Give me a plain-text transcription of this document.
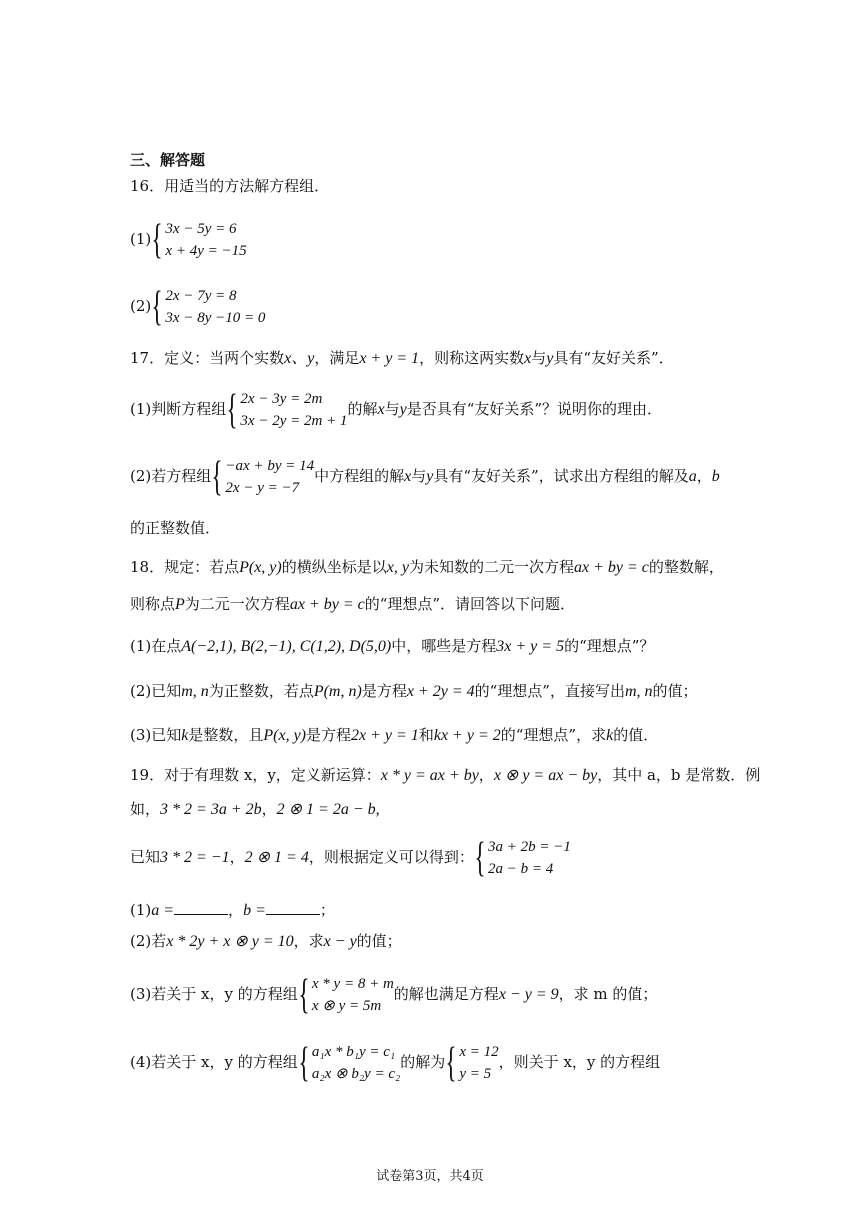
三、解答题
16．用适当的方法解方程组．
(1) { 3x − 5y = 6
x + 4y = −15
(2) { 2x − 7y = 8
3x − 8y −10 = 0
17．定义：当两个实数x、y，满足x + y = 1，则称这两实数x与y具有“友好关系”．
(1)判断方程组 { 2x − 3y = 2m
3x − 2y = 2m + 1
的解x与y是否具有“友好关系”？说明你的理由．
(2)若方程组 { −ax + by = 14
2x − y = −7
中方程组的解x与y具有“友好关系”，试求出方程组的解及a，b
的正整数值．
18．规定：若点P(x, y)的横纵坐标是以x, y为未知数的二元一次方程ax + by = c的整数解，
则称点P为二元一次方程ax + by = c的“理想点”．请回答以下问题．
(1)在点A(−2,1), B(2,−1), C(1,2), D(5,0)中，哪些是方程3x + y = 5的“理想点”？
(2)已知m, n为正整数，若点P(m, n)是方程x + 2y = 4的“理想点”，直接写出m, n的值；
(3)已知k是整数，且P(x, y)是方程2x + y = 1和kx + y = 2的“理想点”，求k的值．
19．对于有理数 x，y，定义新运算：x * y = ax + by，x ⊗ y = ax − by，其中 a，b 是常数．例
如，3 * 2 = 3a + 2b，2 ⊗ 1 = 2a − b,
已知3 * 2 = −1，2 ⊗ 1 = 4，则根据定义可以得到： { 3a + 2b = −1
2a − b = 4
(1)a =	，b =	；
(2)若x * 2y + x ⊗ y = 10，求x − y的值；
(3)若关于 x，y 的方程组 { x * y = 8 + m
x ⊗ y = 5m
的解也满足方程x − y = 9，求 m 的值；
(4)若关于 x，y 的方程组 { a₁x * b₁y = c₁
a₂x ⊗ b₂y = c₂
的解为 { x = 12
y = 5
，则关于 x，y 的方程组
试卷第3页，共4页
